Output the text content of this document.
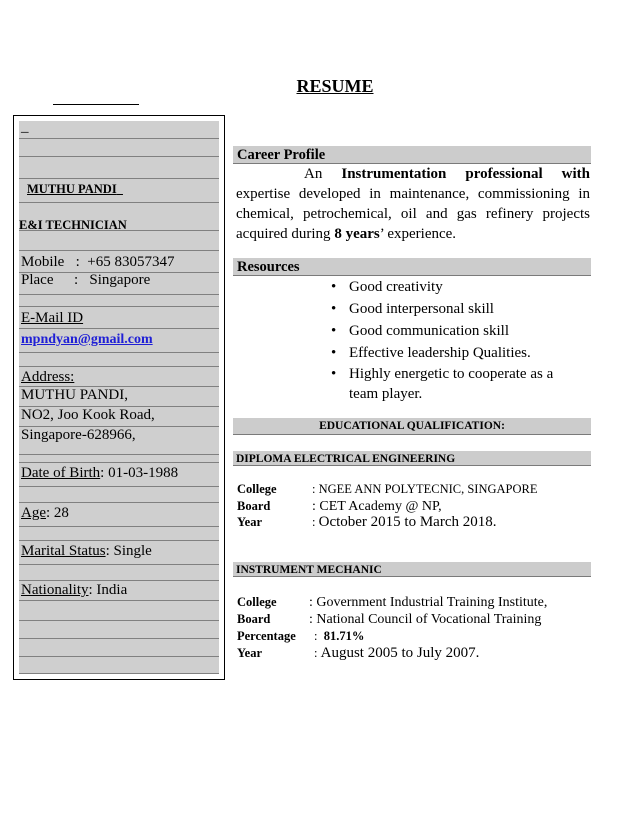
RESUME
_
MUTHU PANDI
E&I TECHNICIAN
Mobile   :  +65 83057347
Place :   Singapore
E-Mail ID
mpndyan@gmail.com
Address:
MUTHU PANDI,
NO2, Joo Kook Road,
Singapore-628966,
Date of Birth: 01-03-1988
Age: 28
Marital Status: Single
Nationality: India
Career Profile
An Instrumentation professional with expertise developed in maintenance, commissioning in chemical, petrochemical, oil and gas refinery projects acquired during 8 years’ experience.
Resources
• Good creativity
• Good interpersonal skill
• Good communication skill
• Effective leadership Qualities.
• Highly energetic to cooperate as a team player.
EDUCATIONAL QUALIFICATION:
DIPLOMA ELECTRICAL ENGINEERING
College	: NGEE ANN POLYTECNIC, SINGAPORE
Board	: CET Academy @ NP,
Year	: October 2015 to March 2018.
INSTRUMENT MECHANIC
College : Government Industrial Training Institute,
Board	: National Council of Vocational Training
Percentage : 81.71%
Year	: August 2005 to July 2007.
